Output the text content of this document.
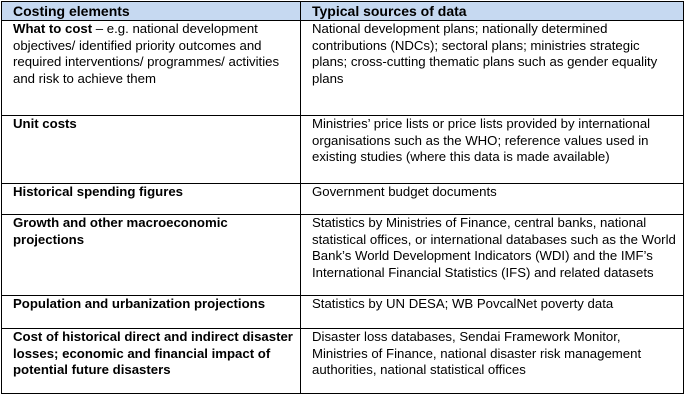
Costing elements	Typical sources of data
What to cost – e.g. national development objectives/ identified priority outcomes and required interventions/ programmes/ activities and risk to achieve them	National development plans; nationally determined contributions (NDCs); sectoral plans; ministries strategic plans; cross-cutting thematic plans such as gender equality plans
Unit costs	Ministries’ price lists or price lists provided by international organisations such as the WHO; reference values used in existing studies (where this data is made available)
Historical spending figures	Government budget documents
Growth and other macroeconomic projections	Statistics by Ministries of Finance, central banks, national statistical offices, or international databases such as the World Bank’s World Development Indicators (WDI) and the IMF’s International Financial Statistics (IFS) and related datasets
Population and urbanization projections	Statistics by UN DESA; WB PovcalNet poverty data
Cost of historical direct and indirect disaster losses; economic and financial impact of potential future disasters	Disaster loss databases, Sendai Framework Monitor, Ministries of Finance, national disaster risk management authorities, national statistical offices
